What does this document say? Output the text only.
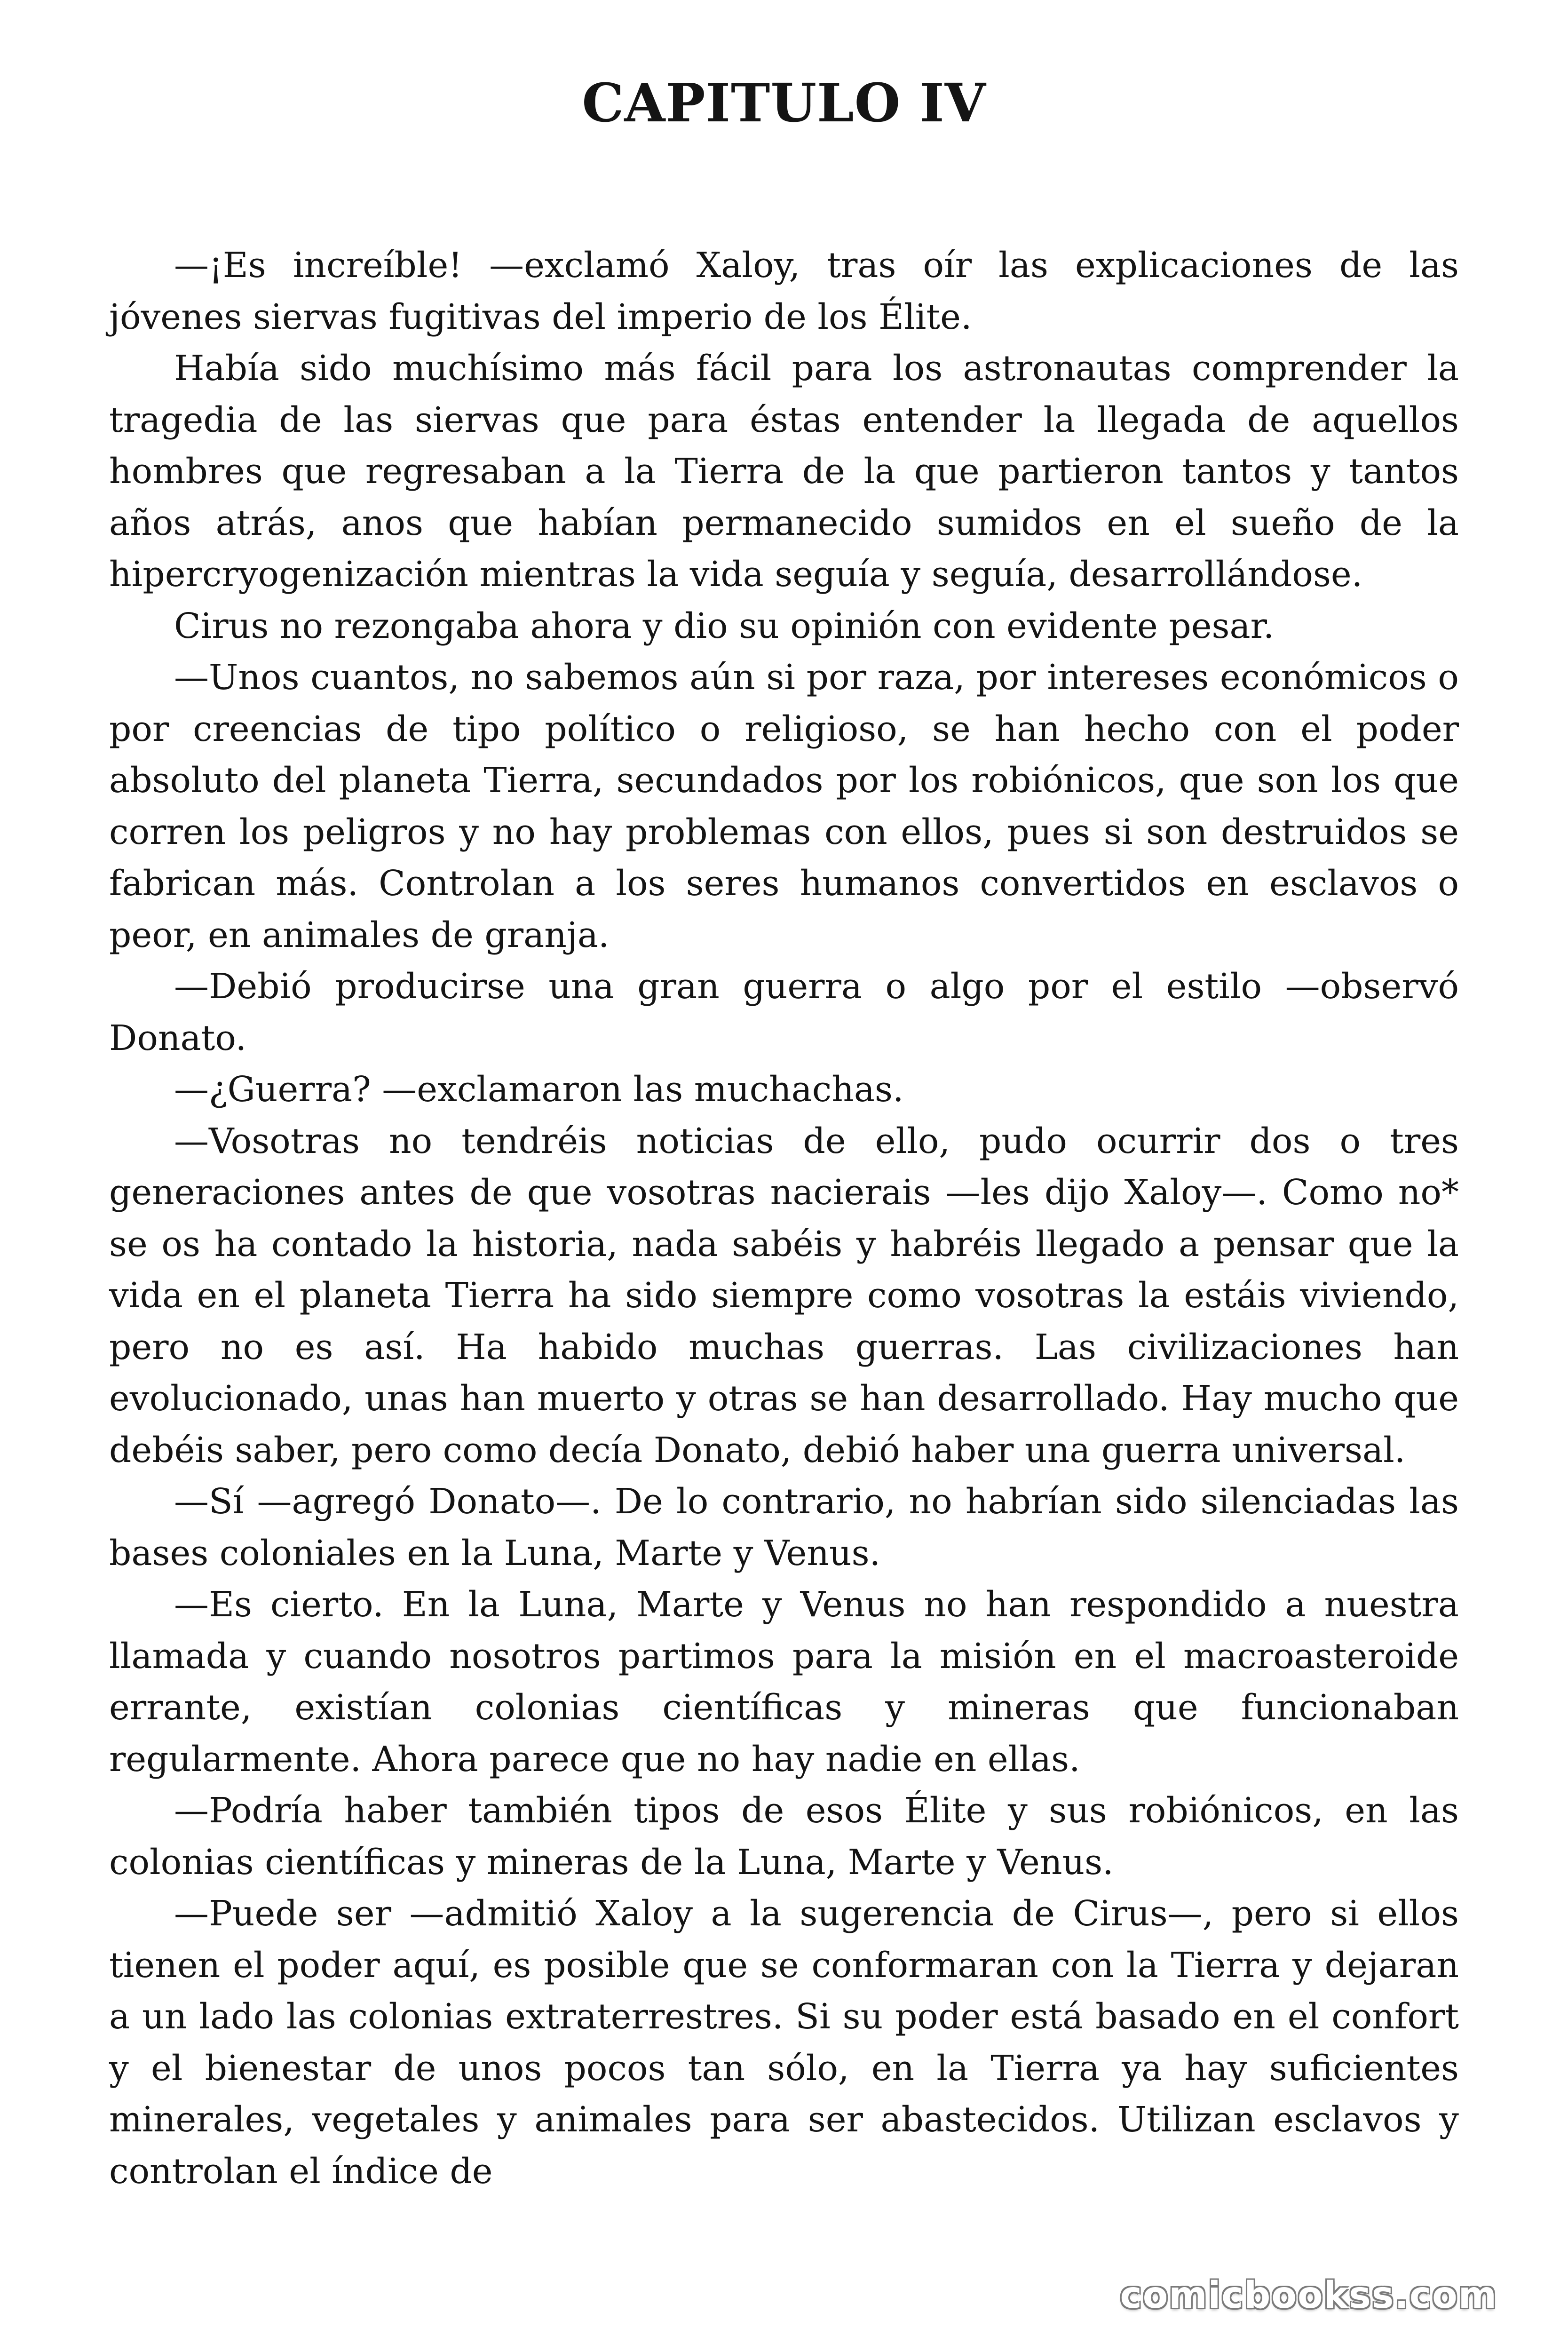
CAPITULO IV

—¡Es increíble! —exclamó Xaloy, tras oír las explicaciones de las jóvenes siervas fugitivas del imperio de los Élite.

Había sido muchísimo más fácil para los astronautas comprender la tragedia de las siervas que para éstas entender la llegada de aquellos hombres que regresaban a la Tierra de la que partieron tantos y tantos años atrás, anos que habían permanecido sumidos en el sueño de la hipercryogenización mientras la vida seguía y seguía, desarrollándose.

Cirus no rezongaba ahora y dio su opinión con evidente pesar.

—Unos cuantos, no sabemos aún si por raza, por intereses económicos o por creencias de tipo político o religioso, se han hecho con el poder absoluto del planeta Tierra, secundados por los robiónicos, que son los que corren los peligros y no hay problemas con ellos, pues si son destruidos se fabrican más. Controlan a los seres humanos convertidos en esclavos o peor, en animales de granja.

—Debió producirse una gran guerra o algo por el estilo —observó Donato.

—¿Guerra? —exclamaron las muchachas.

—Vosotras no tendréis noticias de ello, pudo ocurrir dos o tres generaciones antes de que vosotras nacierais —les dijo Xaloy—. Como no* se os ha contado la historia, nada sabéis y habréis llegado a pensar que la vida en el planeta Tierra ha sido siempre como vosotras la estáis viviendo, pero no es así. Ha habido muchas guerras. Las civilizaciones han evolucionado, unas han muerto y otras se han desarrollado. Hay mucho que debéis saber, pero como decía Donato, debió haber una guerra universal.

—Sí —agregó Donato—. De lo contrario, no habrían sido silenciadas las bases coloniales en la Luna, Marte y Venus.

—Es cierto. En la Luna, Marte y Venus no han respondido a nuestra llamada y cuando nosotros partimos para la misión en el macroasteroide errante, existían colonias científicas y mineras que funcionaban regularmente. Ahora parece que no hay nadie en ellas.

—Podría haber también tipos de esos Élite y sus robiónicos, en las colonias científicas y mineras de la Luna, Marte y Venus.

—Puede ser —admitió Xaloy a la sugerencia de Cirus—, pero si ellos tienen el poder aquí, es posible que se conformaran con la Tierra y dejaran a un lado las colonias extraterrestres. Si su poder está basado en el confort y el bienestar de unos pocos tan sólo, en la Tierra ya hay suficientes minerales, vegetales y animales para ser abastecidos. Utilizan esclavos y controlan el índice de

comicbookss.com
